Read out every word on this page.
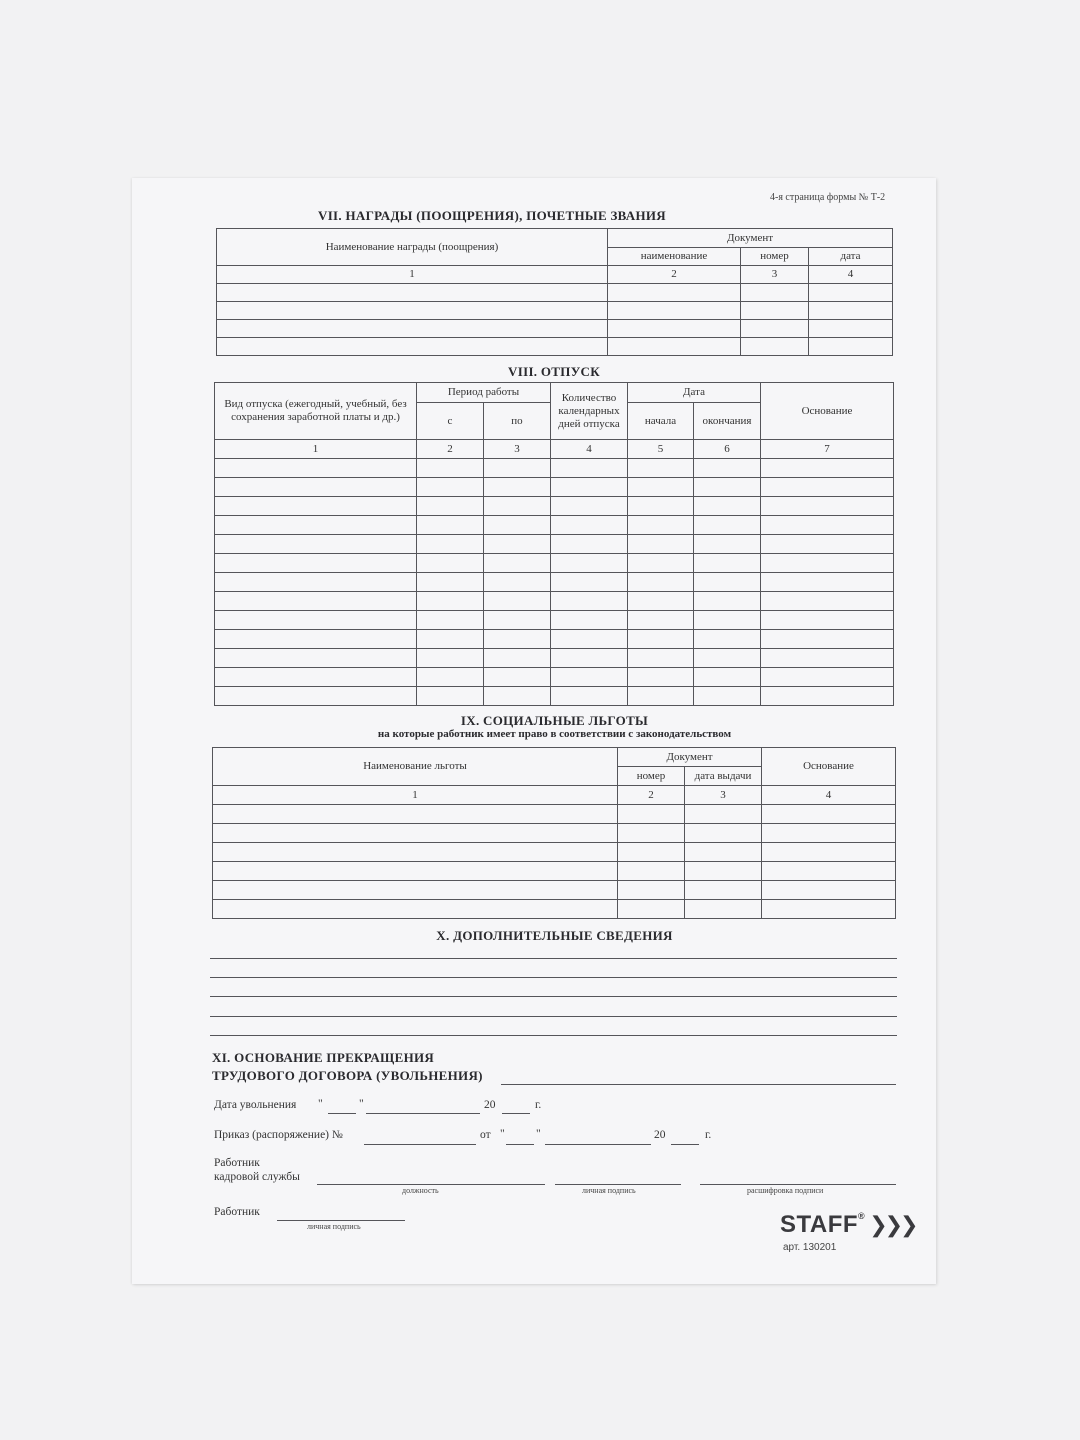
4-я страница формы № Т-2
VII. НАГРАДЫ (ПООЩРЕНИЯ), ПОЧЕТНЫЕ ЗВАНИЯ
Наименование награды (поощрения)	Документ		
	наименование	номер	дата
1	2	3	4

VIII. ОТПУСК
Вид отпуска (ежегодный, учебный, без сохранения заработной платы и др.)	Период работы		Количество календарных дней отпуска	Дата		Основание
	с	по		начала	окончания	
1	2	3	4	5	6	7

IX. СОЦИАЛЬНЫЕ ЛЬГОТЫ
на которые работник имеет право в соответствии с законодательством
Наименование льготы	Документ		Основание
	номер	дата выдачи	
1	2	3	4

X. ДОПОЛНИТЕЛЬНЫЕ СВЕДЕНИЯ
XI. ОСНОВАНИЕ ПРЕКРАЩЕНИЯ
ТРУДОВОГО ДОГОВОРА (УВОЛЬНЕНИЯ)
Дата увольнения "	"	20	г.
Приказ (распоряжение) №	от "	"	20	г.
Работник
кадровой службы
должность	личная подпись	расшифровка подписи
Работник
личная подпись	STAFF® ❯❯❯
арт. 130201
